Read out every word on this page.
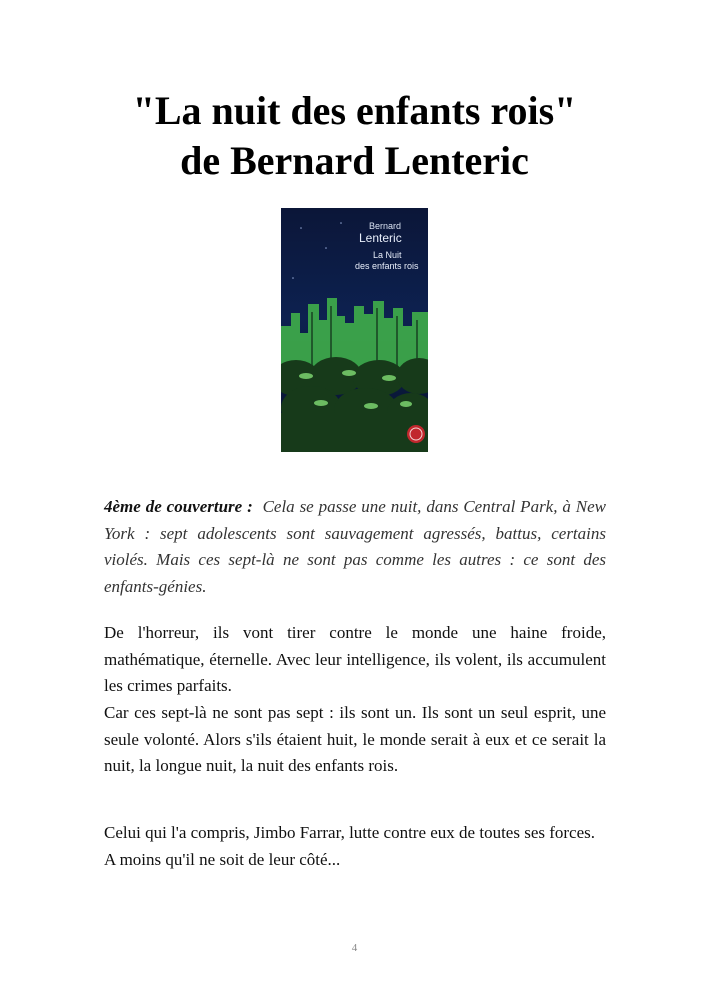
"La nuit des enfants rois"
de Bernard Lenteric
Bernard
Lenteric
La Nuit
des enfants rois

4ème de couverture : Cela se passe une nuit, dans Central Park, à New York : sept adolescents sont sauvagement agressés, battus, certains violés. Mais ces sept-là ne sont pas comme les autres : ce sont des enfants-génies.

De l'horreur, ils vont tirer contre le monde une haine froide, mathématique, éternelle. Avec leur intelligence, ils volent, ils accumulent les crimes parfaits.

Car ces sept-là ne sont pas sept : ils sont un. Ils sont un seul esprit, une seule volonté. Alors s'ils étaient huit, le monde serait à eux et ce serait la nuit, la longue nuit, la nuit des enfants rois.

Celui qui l'a compris, Jimbo Farrar, lutte contre eux de toutes ses forces.
A moins qu'il ne soit de leur côté...
4
